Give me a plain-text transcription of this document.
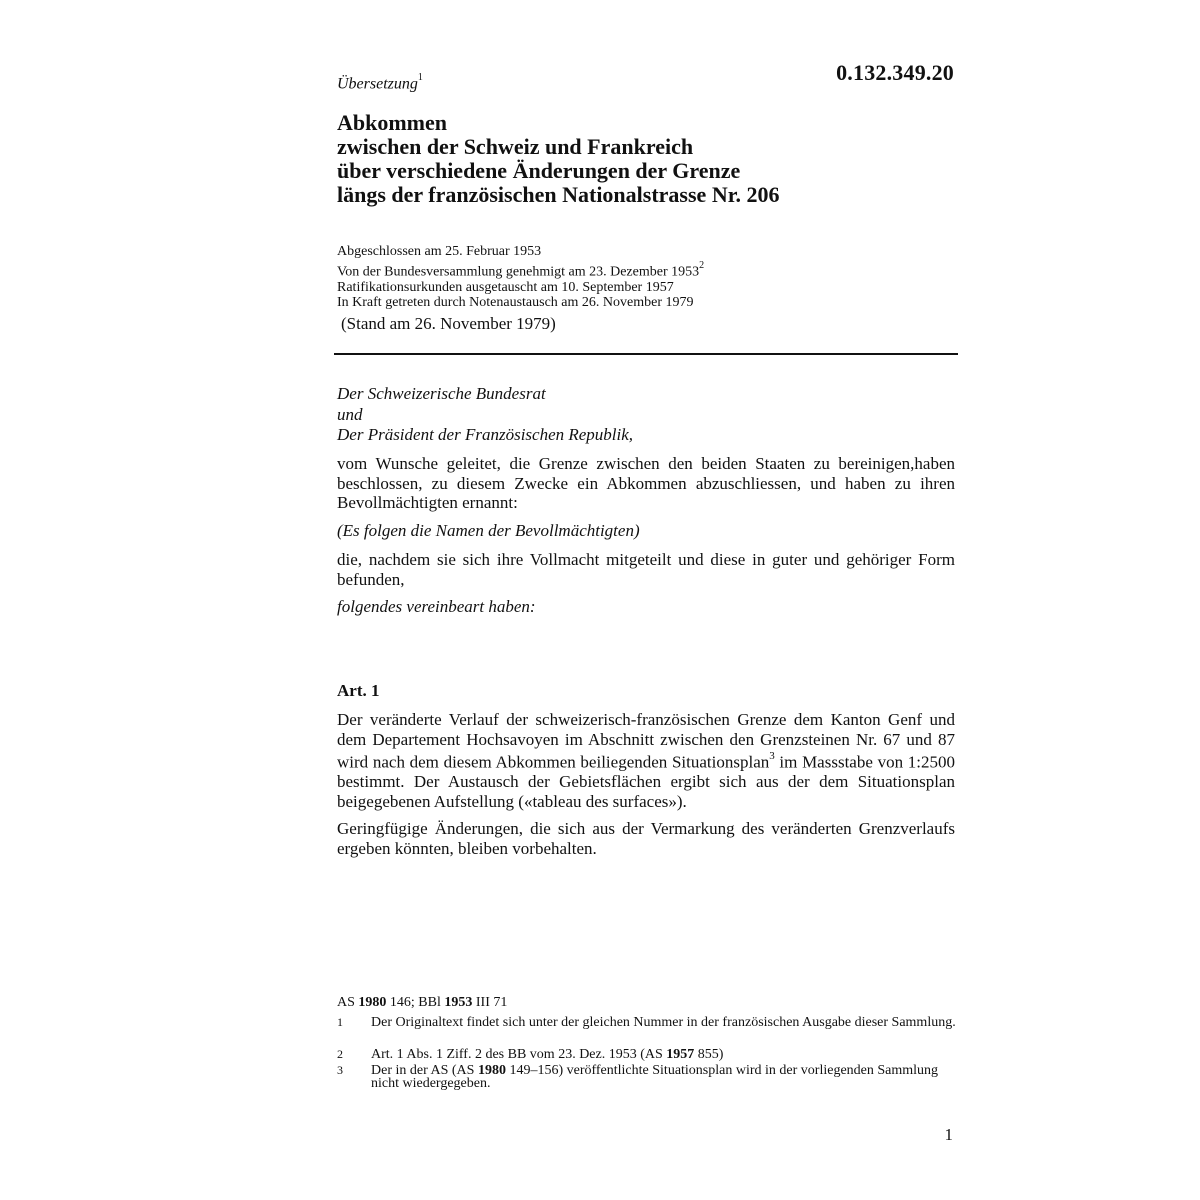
Übersetzung$^1$	0.132.349.20
Abkommen
zwischen der Schweiz und Frankreich
über verschiedene Änderungen der Grenze
längs der französischen Nationalstrasse Nr. 206
Abgeschlossen am 25. Februar 1953
Von der Bundesversammlung genehmigt am 23. Dezember 1953$^2$
Ratifikationsurkunden ausgetauscht am 10. September 1957
In Kraft getreten durch Notenaustausch am 26. November 1979
(Stand am 26. November 1979)
Der Schweizerische Bundesrat
und
Der Präsident der Französischen Republik,
vom Wunsche geleitet, die Grenze zwischen den beiden Staaten zu bereinigen,haben beschlossen, zu diesem Zwecke ein Abkommen abzuschliessen, und haben zu ihren Bevollmächtigten ernannt:
(Es folgen die Namen der Bevollmächtigten)
die, nachdem sie sich ihre Vollmacht mitgeteilt und diese in guter und gehöriger Form befunden,
folgendes vereinbeart haben:
Art. 1
Der veränderte Verlauf der schweizerisch-französischen Grenze dem Kanton Genf und dem Departement Hochsavoyen im Abschnitt zwischen den Grenzsteinen Nr. 67 und 87 wird nach dem diesem Abkommen beiliegenden Situationsplan$^3$ im Massstabe von 1:2500 bestimmt. Der Austausch der Gebietsflächen ergibt sich aus der dem Situationsplan beigegebenen Aufstellung («tableau des surfaces»).
Geringfügige Änderungen, die sich aus der Vermarkung des veränderten Grenzverlaufs ergeben könnten, bleiben vorbehalten.
AS 1980 146; BBl 1953 III 71
1 Der Originaltext findet sich unter der gleichen Nummer in der französischen Ausgabe dieser Sammlung.
2 Art. 1 Abs. 1 Ziff. 2 des BB vom 23. Dez. 1953 (AS 1957 855)
3 Der in der AS (AS 1980 149–156) veröffentlichte Situationsplan wird in der vorliegenden Sammlung nicht wiedergegeben.
1
